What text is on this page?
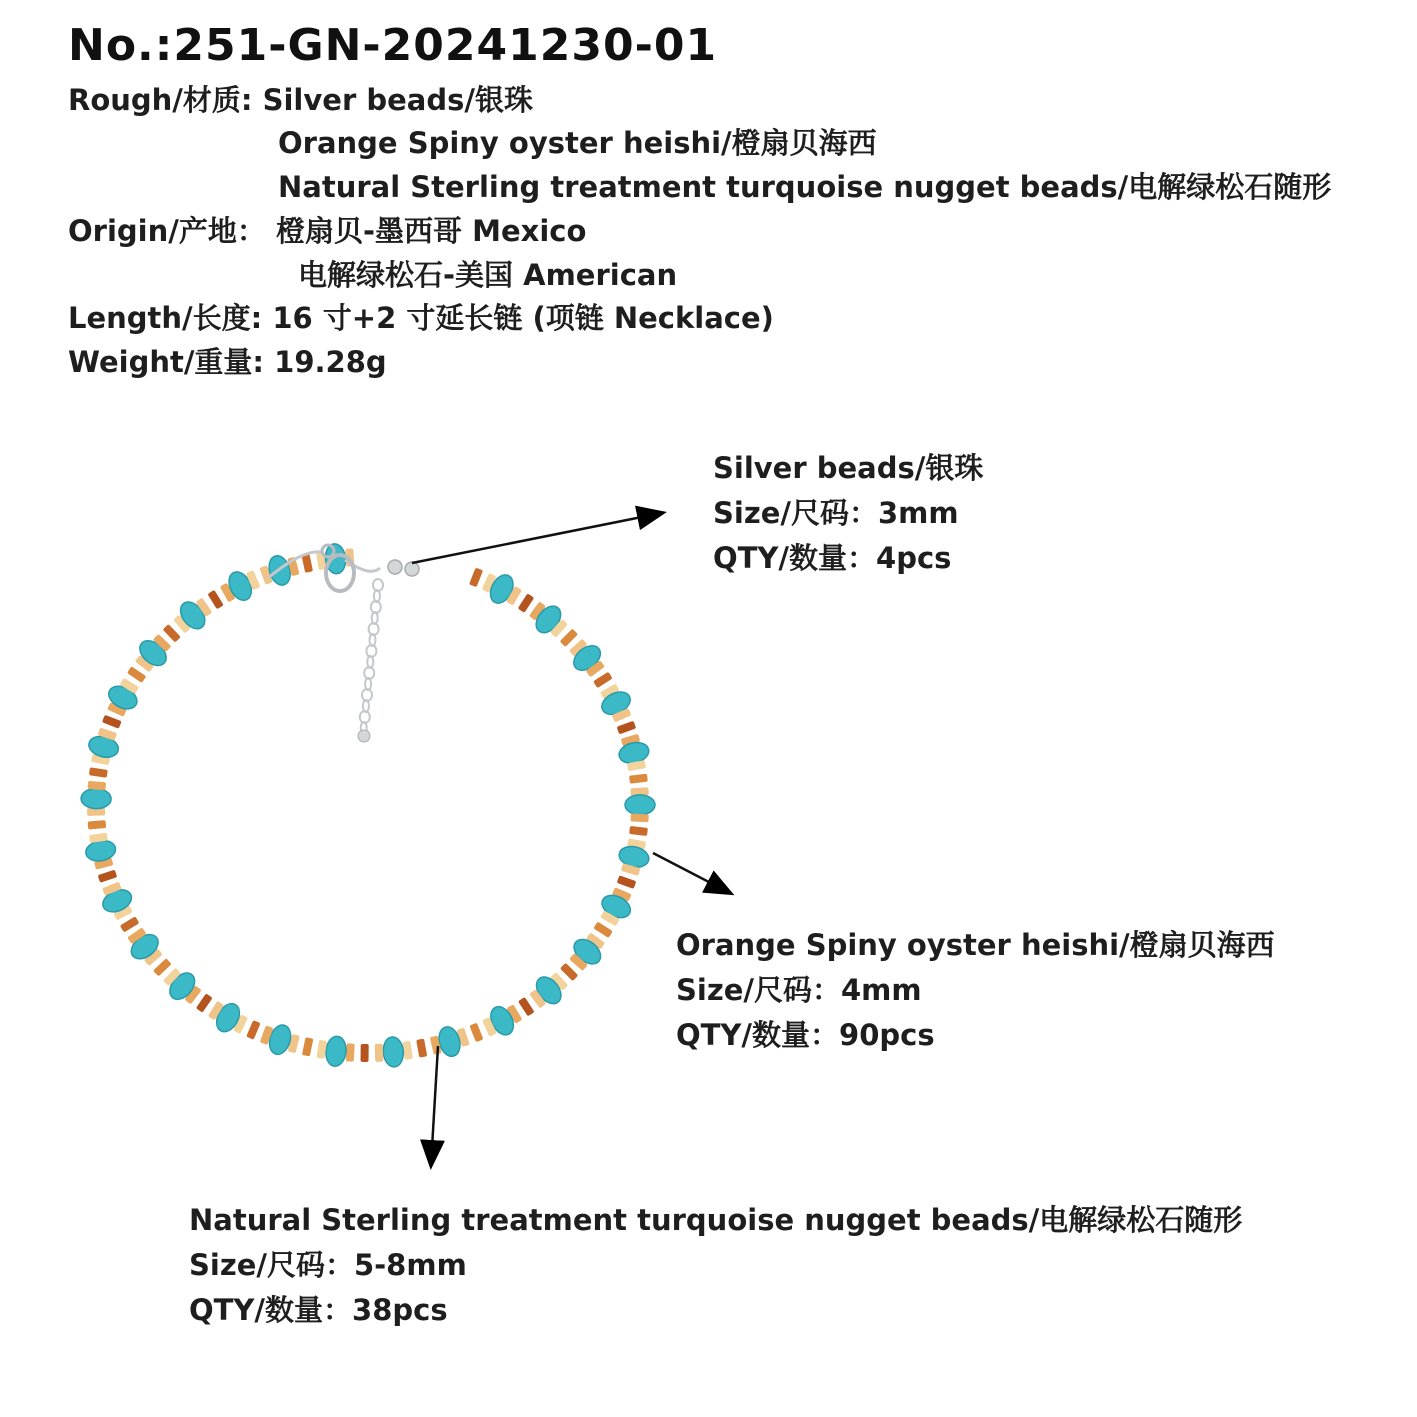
No.:251-GN-20241230-01
Rough/材质: Silver beads/银珠
Orange Spiny oyster heishi/橙扇贝海西
Natural Sterling treatment turquoise nugget beads/电解绿松石随形
Origin/产地： 橙扇贝-墨西哥 Mexico
电解绿松石-美国 American
Length/长度: 16 寸+2 寸延长链 (项链 Necklace)
Weight/重量: 19.28g
Silver beads/银珠
Size/尺码：3mm
QTY/数量：4pcs
Orange Spiny oyster heishi/橙扇贝海西
Size/尺码：4mm
QTY/数量：90pcs
Natural Sterling treatment turquoise nugget beads/电解绿松石随形
Size/尺码：5-8mm
QTY/数量：38pcs
